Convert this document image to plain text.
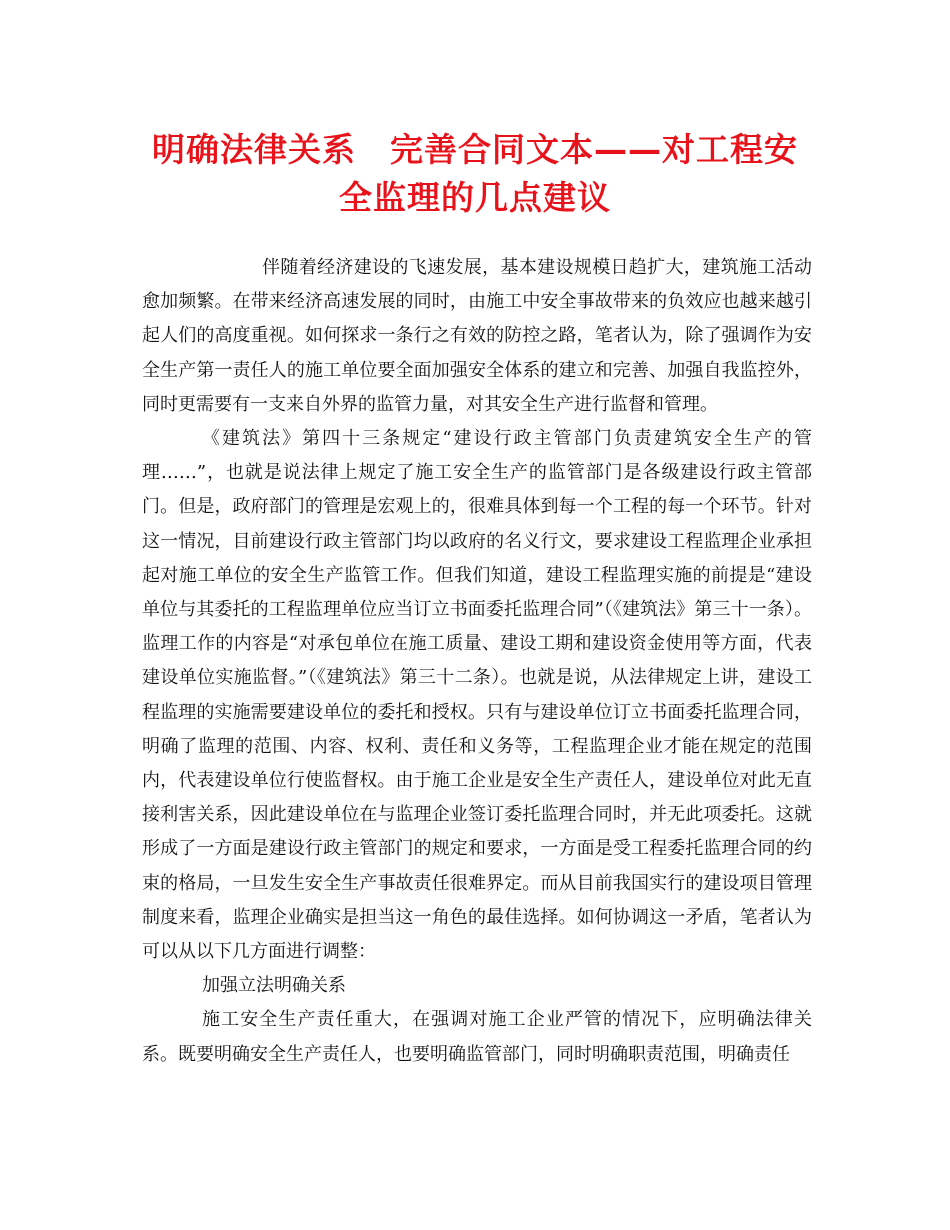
明确法律关系　完善合同文本——对工程安
全监理的几点建议

伴随着经济建设的飞速发展，基本建设规模日趋扩大，建筑施工活动愈加频繁。在带来经济高速发展的同时，由施工中安全事故带来的负效应也越来越引起人们的高度重视。如何探求一条行之有效的防控之路，笔者认为，除了强调作为安全生产第一责任人的施工单位要全面加强安全体系的建立和完善、加强自我监控外，同时更需要有一支来自外界的监管力量，对其安全生产进行监督和管理。

《建筑法》第四十三条规定“建设行政主管部门负责建筑安全生产的管理……”，也就是说法律上规定了施工安全生产的监管部门是各级建设行政主管部门。但是，政府部门的管理是宏观上的，很难具体到每一个工程的每一个环节。针对这一情况，目前建设行政主管部门均以政府的名义行文，要求建设工程监理企业承担起对施工单位的安全生产监管工作。但我们知道，建设工程监理实施的前提是“建设单位与其委托的工程监理单位应当订立书面委托监理合同”（《建筑法》第三十一条）。监理工作的内容是“对承包单位在施工质量、建设工期和建设资金使用等方面，代表建设单位实施监督。”（《建筑法》第三十二条）。也就是说，从法律规定上讲，建设工程监理的实施需要建设单位的委托和授权。只有与建设单位订立书面委托监理合同，明确了监理的范围、内容、权利、责任和义务等，工程监理企业才能在规定的范围内，代表建设单位行使监督权。由于施工企业是安全生产责任人，建设单位对此无直接利害关系，因此建设单位在与监理企业签订委托监理合同时，并无此项委托。这就形成了一方面是建设行政主管部门的规定和要求，一方面是受工程委托监理合同的约束的格局，一旦发生安全生产事故责任很难界定。而从目前我国实行的建设项目管理制度来看，监理企业确实是担当这一角色的最佳选择。如何协调这一矛盾，笔者认为可以从以下几方面进行调整：

加强立法明确关系

施工安全生产责任重大，在强调对施工企业严管的情况下，应明确法律关系。既要明确安全生产责任人，也要明确监管部门，同时明确职责范围，明确责任
